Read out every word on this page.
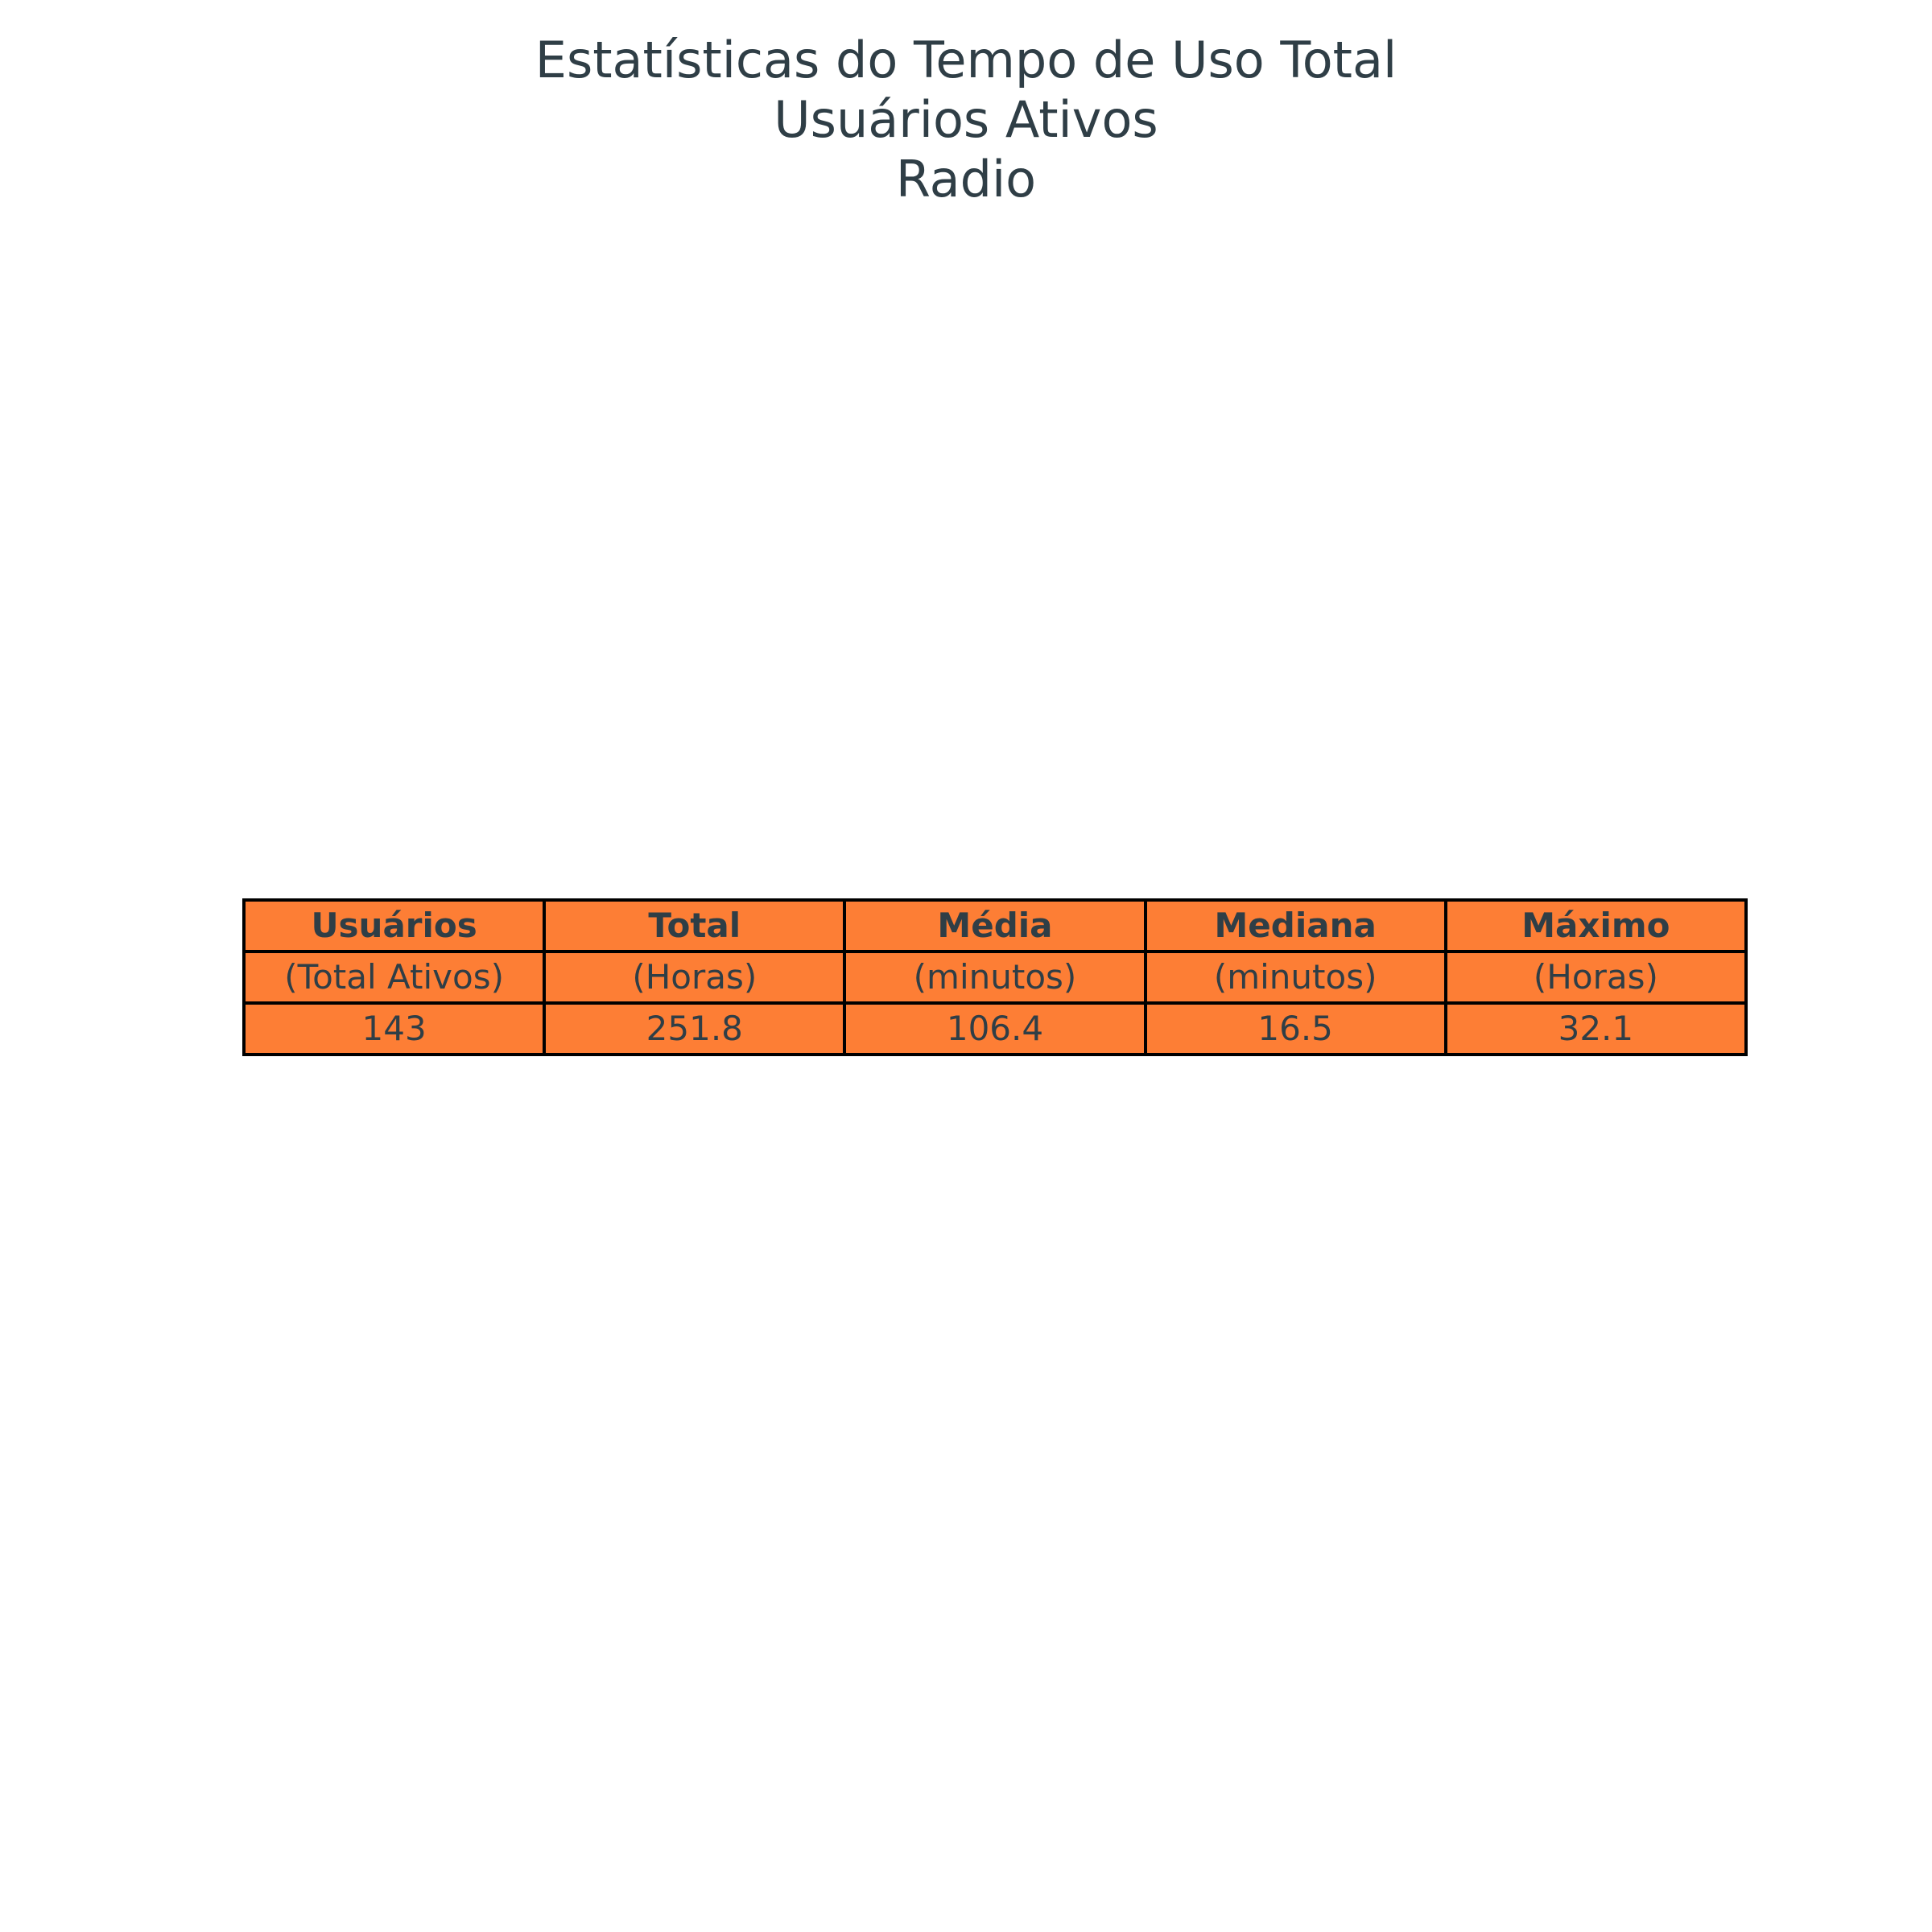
Estatísticas do Tempo de Uso Total
Usuários Ativos
Radio
Usuários	Total	Média	Mediana	Máximo
(Total Ativos)	(Horas)	(minutos)	(minutos)	(Horas)
143	251.8	106.4	16.5	32.1
